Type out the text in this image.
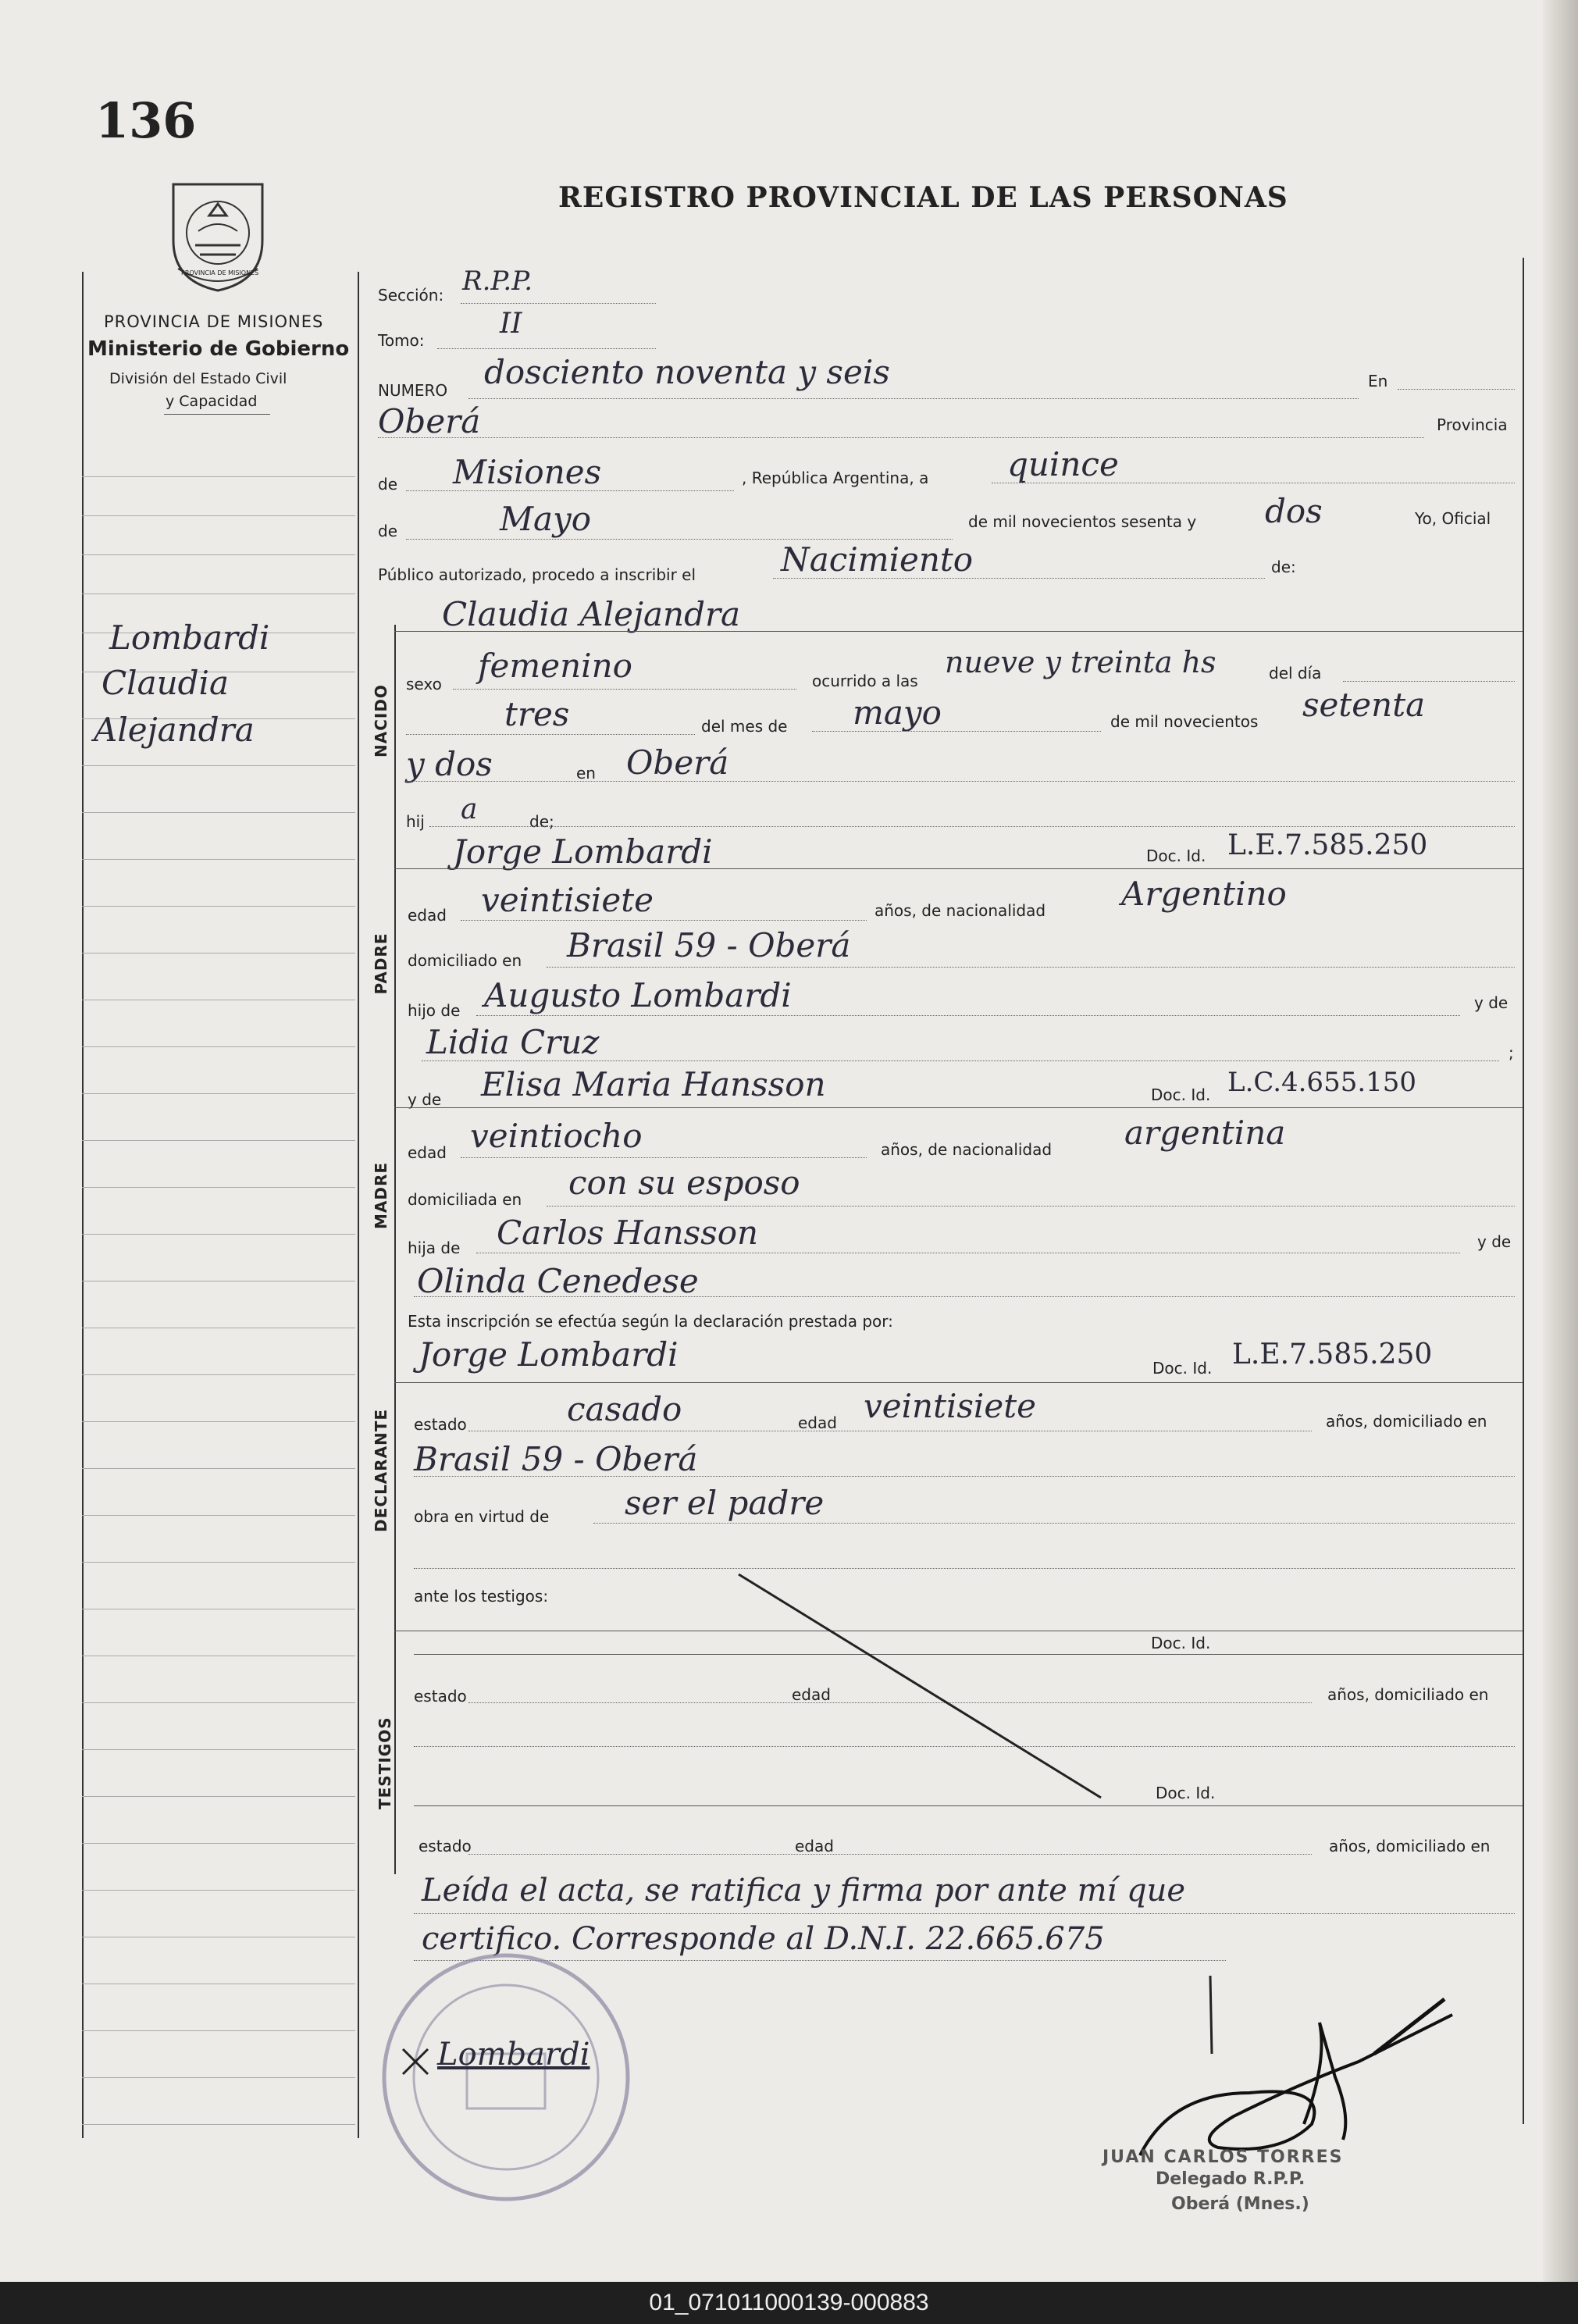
136
REGISTRO PROVINCIAL DE LAS PERSONAS
PROVINCIA DE MISIONES
PROVINCIA DE MISIONES
Ministerio de Gobierno
División del Estado Civil
y Capacidad
Lombardi
Claudia
Alejandra
Sección: R.P.P.
Tomo:
II
NUMERO dosciento noventa y seis	En
Oberá	Provincia
de Misiones	, República Argentina, a quince
de	Mayo	de mil novecientos sesenta y dos	Yo, Oficial
Público autorizado, procedo a inscribir el	Nacimiento	de:
NACIDO
Claudia Alejandra
sexo femenino	ocurrido a las
nueve y treinta hs	del día
tres	del mes de mayo	de mil novecientos setenta
y dos	en Oberá
hij a	de;
Jorge Lombardi	Doc. Id. L.E.7.585.250
PADRE
edad veintisiete	años, de nacionalidad Argentino
domiciliado en Brasil 59 - Oberá
hijo de Augusto Lombardi	y de
Lidia Cruz	;
y de Elisa Maria Hansson	Doc. Id. L.C.4.655.150
MADRE
edad veintiocho	años, de nacionalidad argentina
domiciliada en con su esposo
hija de Carlos Hansson	y de
Olinda Cenedese
Esta inscripción se efectúa según la declaración prestada por:
Jorge Lombardi	Doc. Id. L.E.7.585.250
DECLARANTE estado	casado	edad veintisiete	años, domiciliado en
Brasil 59 - Oberá
obra en virtud de ser el padre
ante los testigos:
TESTIGOS
Doc. Id.
estado	edad	años, domiciliado en
Doc. Id.
estado	edad	años, domiciliado en
Leída el acta, se ratifica y firma por ante mí que
certifico. Corresponde al D.N.I. 22.665.675
Lombardi
JUAN CARLOS TORRES
Delegado R.P.P.
Oberá (Mnes.)
01_071011000139-000883
